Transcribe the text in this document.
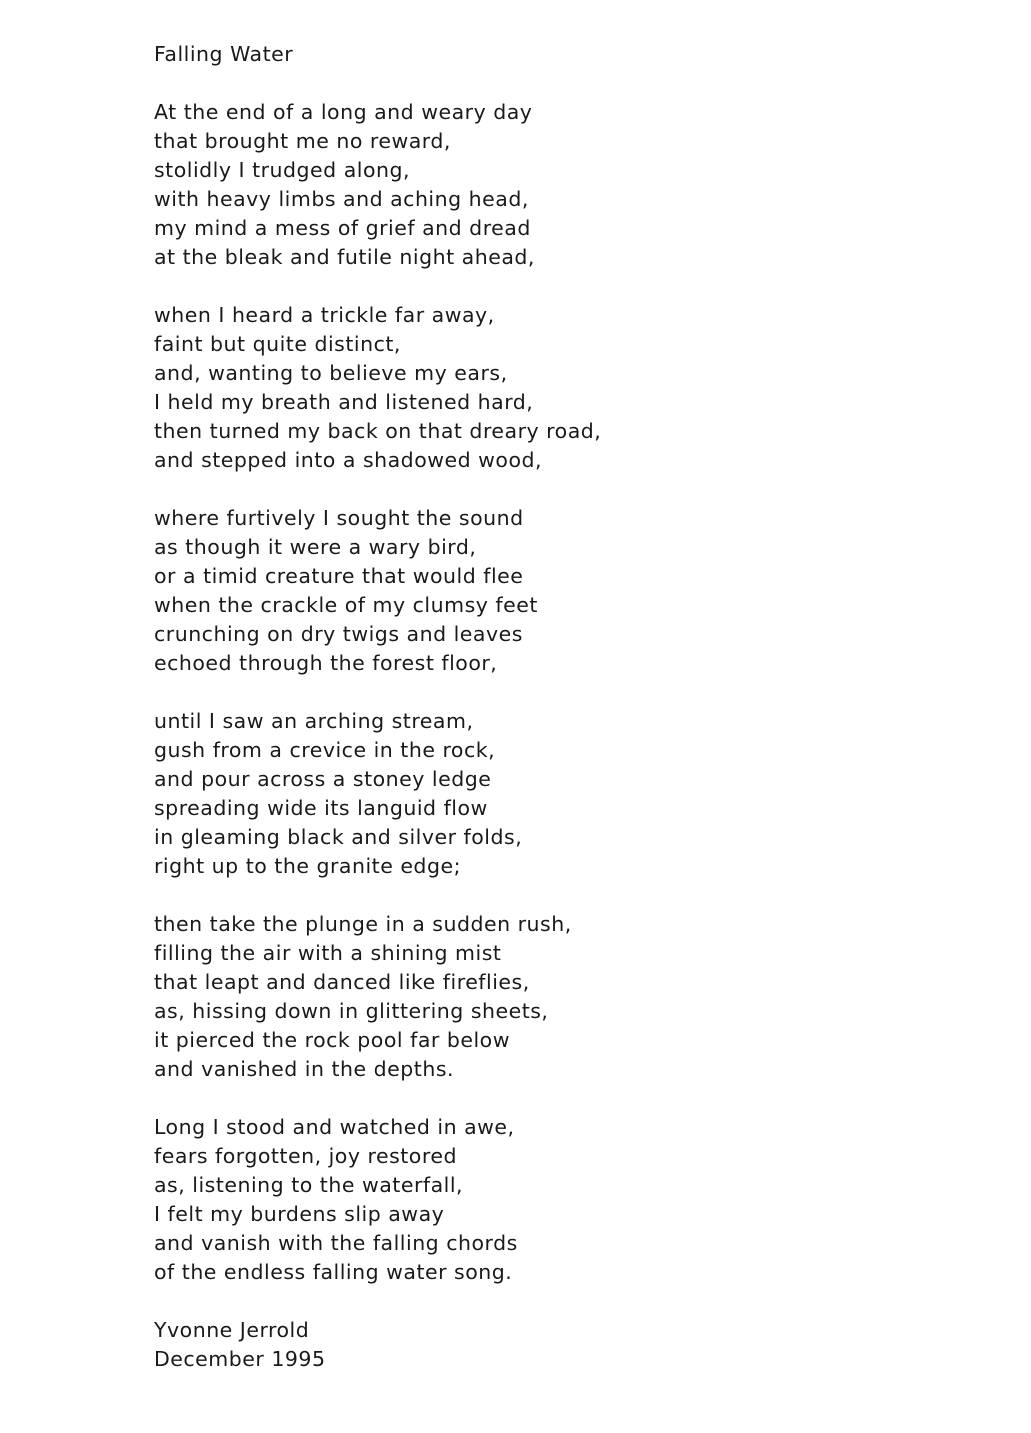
Falling Water
At the end of a long and weary day
that brought me no reward,
stolidly I trudged along,
with heavy limbs and aching head,
my mind a mess of grief and dread
at the bleak and futile night ahead,
when I heard a trickle far away,
faint but quite distinct,
and, wanting to believe my ears,
I held my breath and listened hard,
then turned my back on that dreary road,
and stepped into a shadowed wood,
where furtively I sought the sound
as though it were a wary bird,
or a timid creature that would flee
when the crackle of my clumsy feet
crunching on dry twigs and leaves
echoed through the forest floor,
until I saw an arching stream,
gush from a crevice in the rock,
and pour across a stoney ledge
spreading wide its languid flow
in gleaming black and silver folds,
right up to the granite edge;
then take the plunge in a sudden rush,
filling the air with a shining mist
that leapt and danced like fireflies,
as, hissing down in glittering sheets,
it pierced the rock pool far below
and vanished in the depths.
Long I stood and watched in awe,
fears forgotten, joy restored
as, listening to the waterfall,
I felt my burdens slip away
and vanish with the falling chords
of the endless falling water song.
Yvonne Jerrold
December 1995
